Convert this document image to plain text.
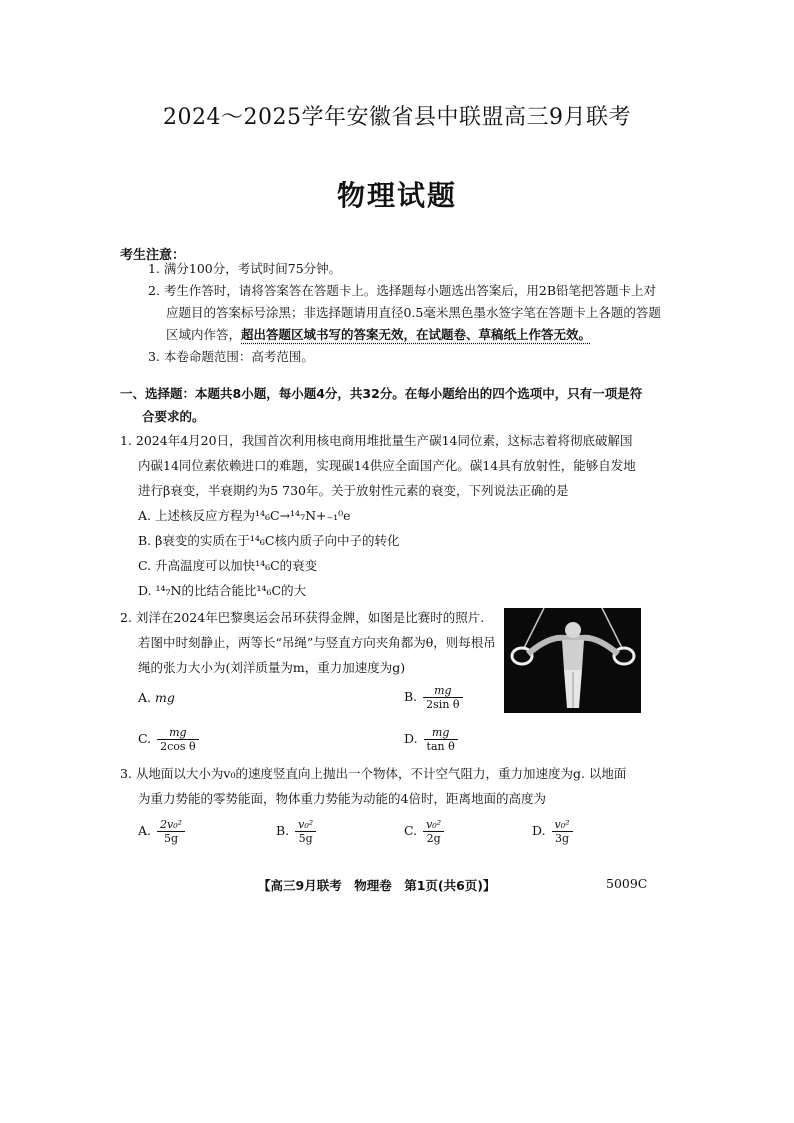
2024～2025学年安徽省县中联盟高三9月联考
物理试题
考生注意：
1. 满分100分，考试时间75分钟。
2. 考生作答时，请将答案答在答题卡上。选择题每小题选出答案后，用2B铅笔把答题卡上对
应题目的答案标号涂黑；非选择题请用直径0.5毫米黑色墨水签字笔在答题卡上各题的答题
区域内作答，超出答题区域书写的答案无效，在试题卷、草稿纸上作答无效。
3. 本卷命题范围：高考范围。
一、选择题：本题共8小题，每小题4分，共32分。在每小题给出的四个选项中，只有一项是符
合要求的。
1. 2024年4月20日，我国首次利用核电商用堆批量生产碳14同位素，这标志着将彻底破解国
内碳14同位素依赖进口的难题，实现碳14供应全面国产化。碳14具有放射性，能够自发地
进行β衰变，半衰期约为5 730年。关于放射性元素的衰变，下列说法正确的是
A. 上述核反应方程为¹⁴₆C→¹⁴₇N+₋₁⁰e
B. β衰变的实质在于¹⁴₆C核内质子向中子的转化
C. 升高温度可以加快¹⁴₆C的衰变
D. ¹⁴₇N的比结合能比¹⁴₆C的大
2. 刘洋在2024年巴黎奥运会吊环获得金牌，如图是比赛时的照片.
若图中时刻静止，两等长“吊绳”与竖直方向夹角都为θ，则每根吊
绳的张力大小为(刘洋质量为m，重力加速度为g)
A. mg	B. $\frac{mg}{\text{2sin θ}}$
C. $\frac{mg}{\text{2cos θ}}$	D. $\frac{mg}{\text{tan θ}}$
3. 从地面以大小为v₀的速度竖直向上抛出一个物体，不计空气阻力，重力加速度为g. 以地面
为重力势能的零势能面，物体重力势能为动能的4倍时，距离地面的高度为
A. $\frac{\text{2v₀²}}{5g}$	B. $\frac{\text{v₀²}}{5g}$	C. $\frac{\text{v₀²}}{2g}$	D. $\frac{\text{v₀²}}{3g}$
【高三9月联考　物理卷　第1页(共6页)】	5009C
